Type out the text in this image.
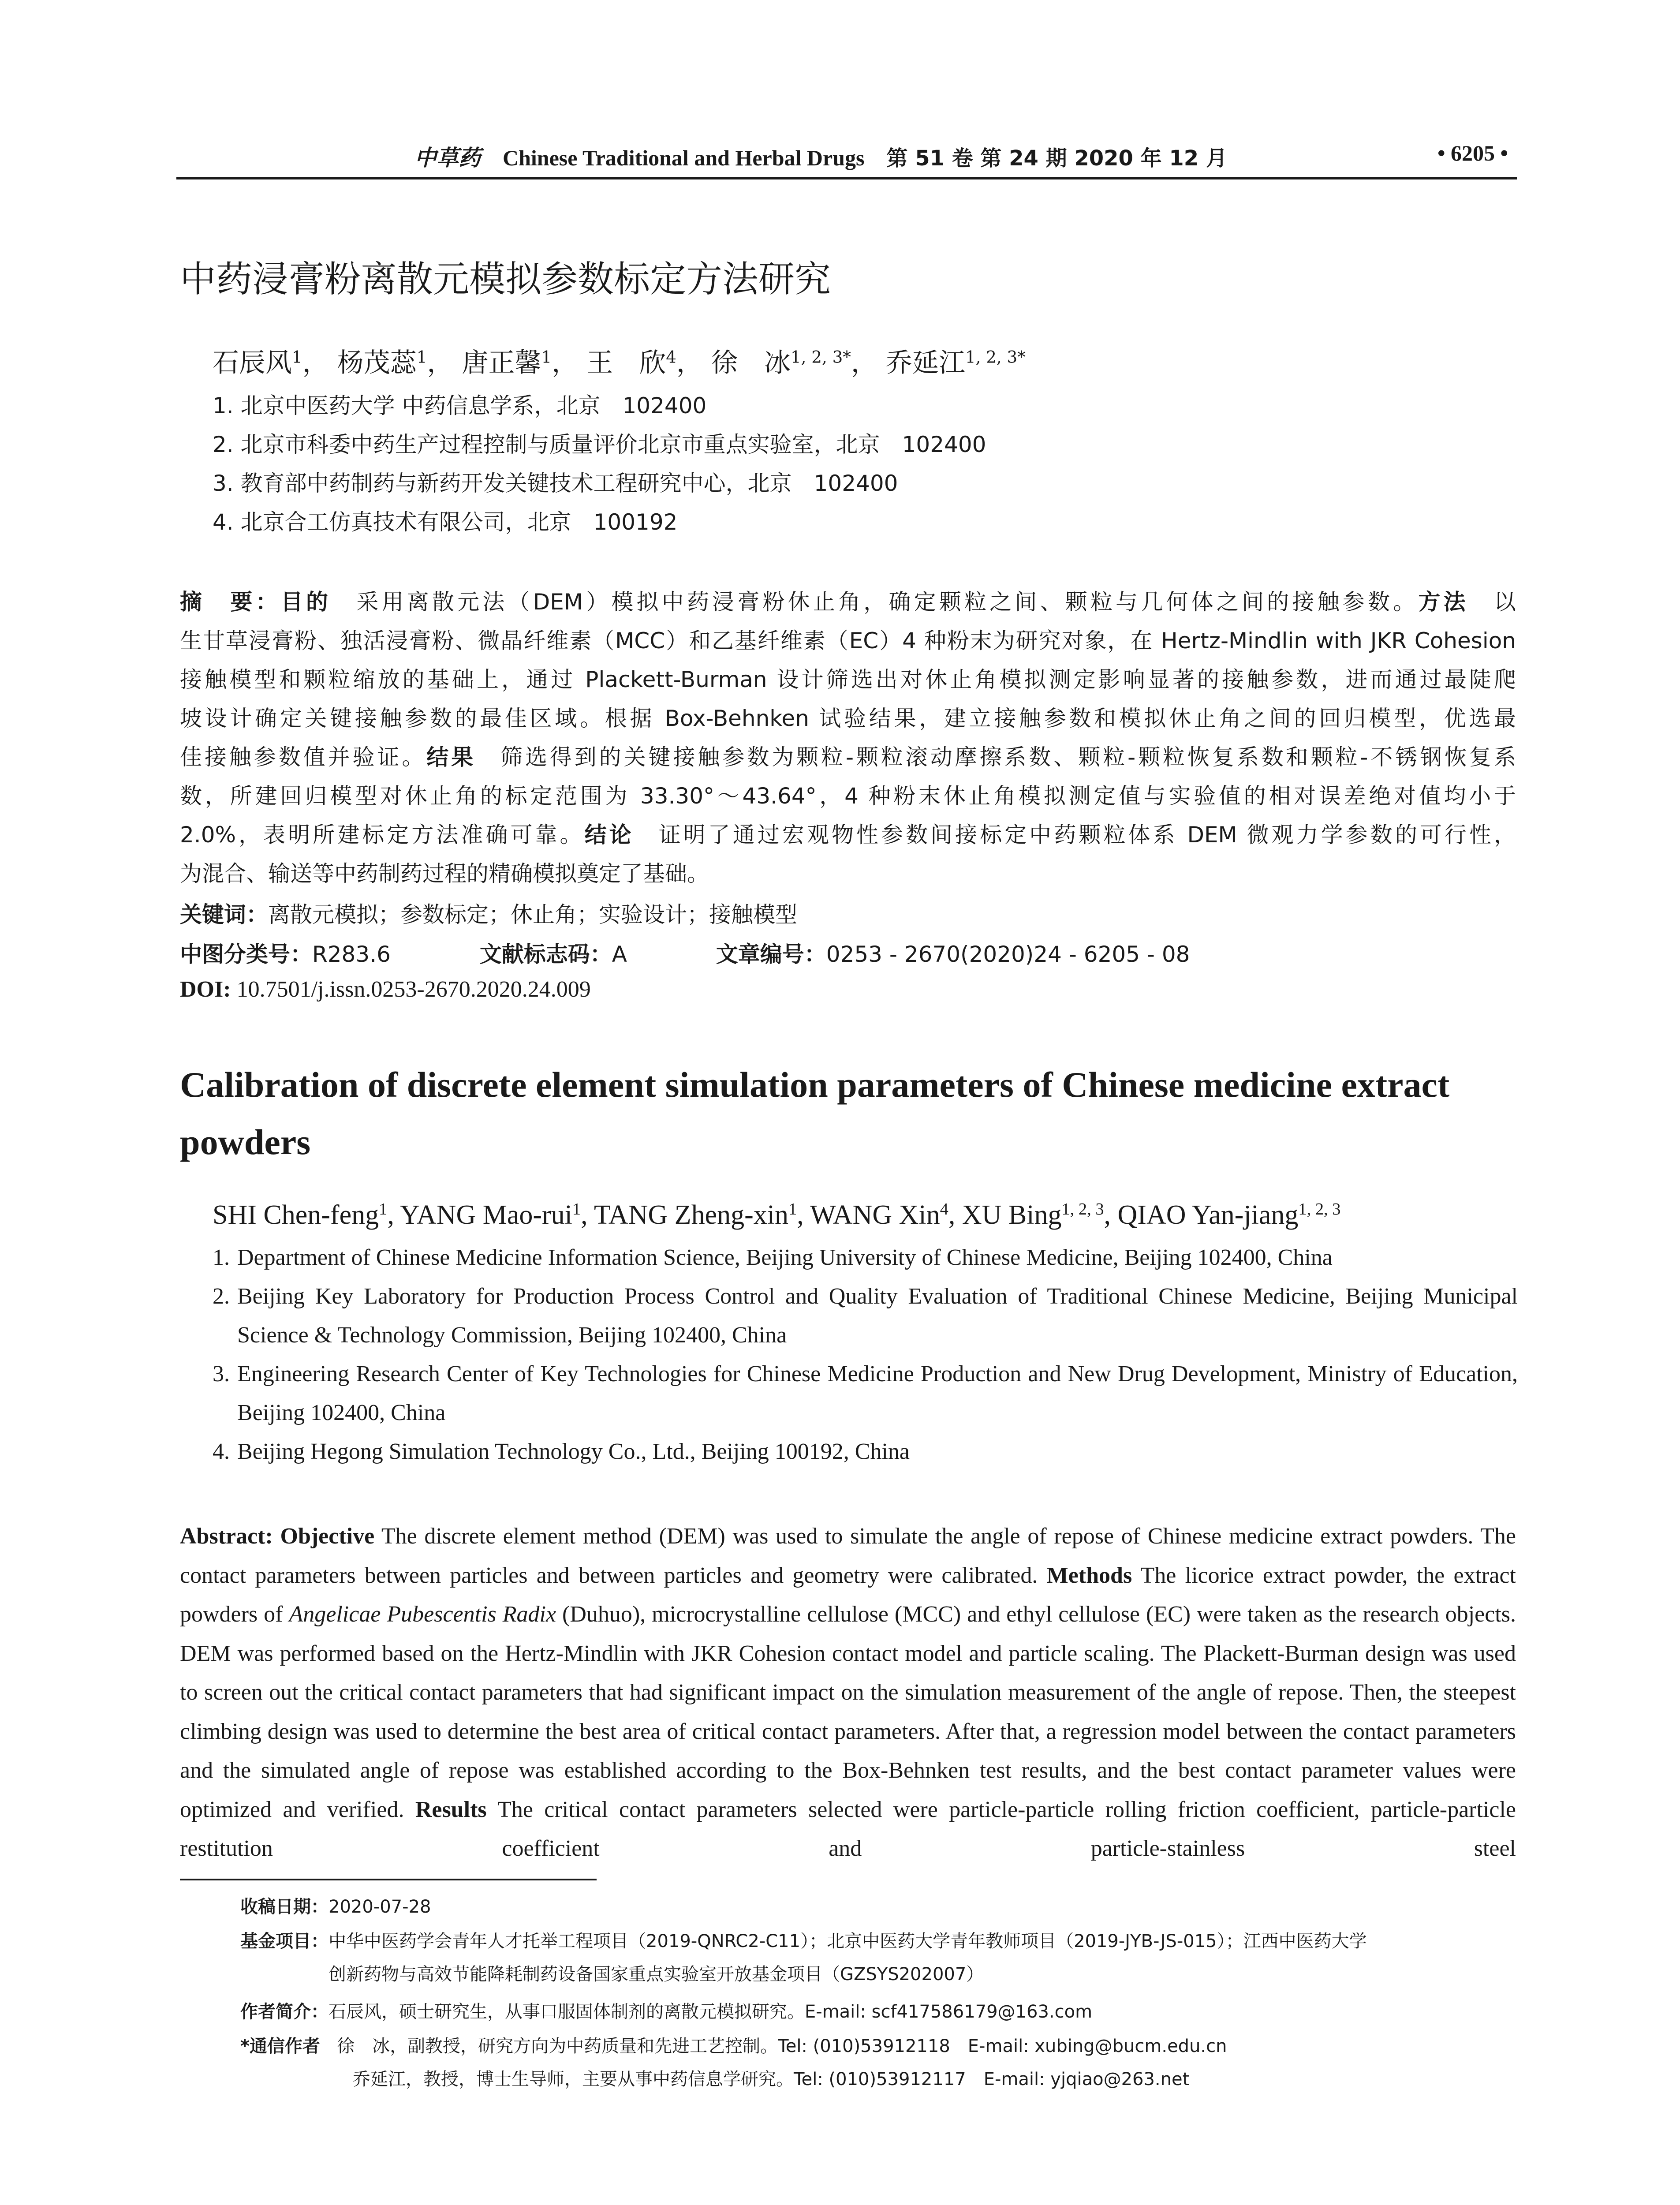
中草药 Chinese Traditional and Herbal Drugs 第 51 卷 第 24 期 2020 年 12 月	• 6205 •
中药浸膏粉离散元模拟参数标定方法研究
石辰风$^1$， 杨茂蕊$^1$， 唐正馨$^1$， 王　欣$^4$， 徐　冰$^{1, 2, 3*}$， 乔延江$^{1, 2, 3*}$
1. 北京中医药大学 中药信息学系，北京　102400
2. 北京市科委中药生产过程控制与质量评价北京市重点实验室，北京　102400
3. 教育部中药制药与新药开发关键技术工程研究中心，北京　102400
4. 北京合工仿真技术有限公司，北京　100192
摘　要：目的　采用离散元法（DEM）模拟中药浸膏粉休止角，确定颗粒之间、颗粒与几何体之间的接触参数。方法　以
生甘草浸膏粉、独活浸膏粉、微晶纤维素（MCC）和乙基纤维素（EC）4 种粉末为研究对象，在 Hertz-Mindlin with JKR Cohesion
接触模型和颗粒缩放的基础上，通过 Plackett-Burman 设计筛选出对休止角模拟测定影响显著的接触参数，进而通过最陡爬
坡设计确定关键接触参数的最佳区域。根据 Box-Behnken 试验结果，建立接触参数和模拟休止角之间的回归模型，优选最
佳接触参数值并验证。结果　筛选得到的关键接触参数为颗粒-颗粒滚动摩擦系数、颗粒-颗粒恢复系数和颗粒-不锈钢恢复系
数，所建回归模型对休止角的标定范围为 33.30°～43.64°，4 种粉末休止角模拟测定值与实验值的相对误差绝对值均小于
2.0%，表明所建标定方法准确可靠。结论　证明了通过宏观物性参数间接标定中药颗粒体系 DEM 微观力学参数的可行性，
为混合、输送等中药制药过程的精确模拟奠定了基础。
关键词：离散元模拟；参数标定；休止角；实验设计；接触模型
中图分类号：R283.6	文献标志码：A	文章编号：0253 - 2670(2020)24 - 6205 - 08
DOI: 10.7501/j.issn.0253-2670.2020.24.009
Calibration of discrete element simulation parameters of Chinese medicine extract powders
SHI Chen-feng$^1$, YANG Mao-rui$^1$, TANG Zheng-xin$^1$, WANG Xin$^4$, XU Bing$^{1, 2, 3}$, QIAO Yan-jiang$^{1, 2, 3}$
1. Department of Chinese Medicine Information Science, Beijing University of Chinese Medicine, Beijing 102400, China
2. Beijing Key Laboratory for Production Process Control and Quality Evaluation of Traditional Chinese Medicine, Beijing Municipal Science & Technology Commission, Beijing 102400, China
3. Engineering Research Center of Key Technologies for Chinese Medicine Production and New Drug Development, Ministry of Education, Beijing 102400, China
4. Beijing Hegong Simulation Technology Co., Ltd., Beijing 100192, China
Abstract: Objective The discrete element method (DEM) was used to simulate the angle of repose of Chinese medicine extract powders. The contact parameters between particles and between particles and geometry were calibrated. Methods The licorice extract powder, the extract powders of Angelicae Pubescentis Radix (Duhuo), microcrystalline cellulose (MCC) and ethyl cellulose (EC) were taken as the research objects. DEM was performed based on the Hertz-Mindlin with JKR Cohesion contact model and particle scaling. The Plackett-Burman design was used to screen out the critical contact parameters that had significant impact on the simulation measurement of the angle of repose. Then, the steepest climbing design was used to determine the best area of critical contact parameters. After that, a regression model between the contact parameters and the simulated angle of repose was established according to the Box-Behnken test results, and the best contact parameter values were optimized and verified. Results The critical contact parameters selected were particle-particle rolling friction coefficient, particle-particle restitution coefficient and particle-stainless steel
收稿日期：2020-07-28
基金项目：中华中医药学会青年人才托举工程项目（2019-QNRC2-C11）；北京中医药大学青年教师项目（2019-JYB-JS-015）；江西中医药大学
创新药物与高效节能降耗制药设备国家重点实验室开放基金项目（GZSYS202007）
作者简介：石辰风，硕士研究生，从事口服固体制剂的离散元模拟研究。E-mail: scf417586179@163.com
*通信作者 徐　冰，副教授，研究方向为中药质量和先进工艺控制。Tel: (010)53912118　E-mail: xubing@bucm.edu.cn
乔延江，教授，博士生导师，主要从事中药信息学研究。Tel: (010)53912117　E-mail: yjqiao@263.net
